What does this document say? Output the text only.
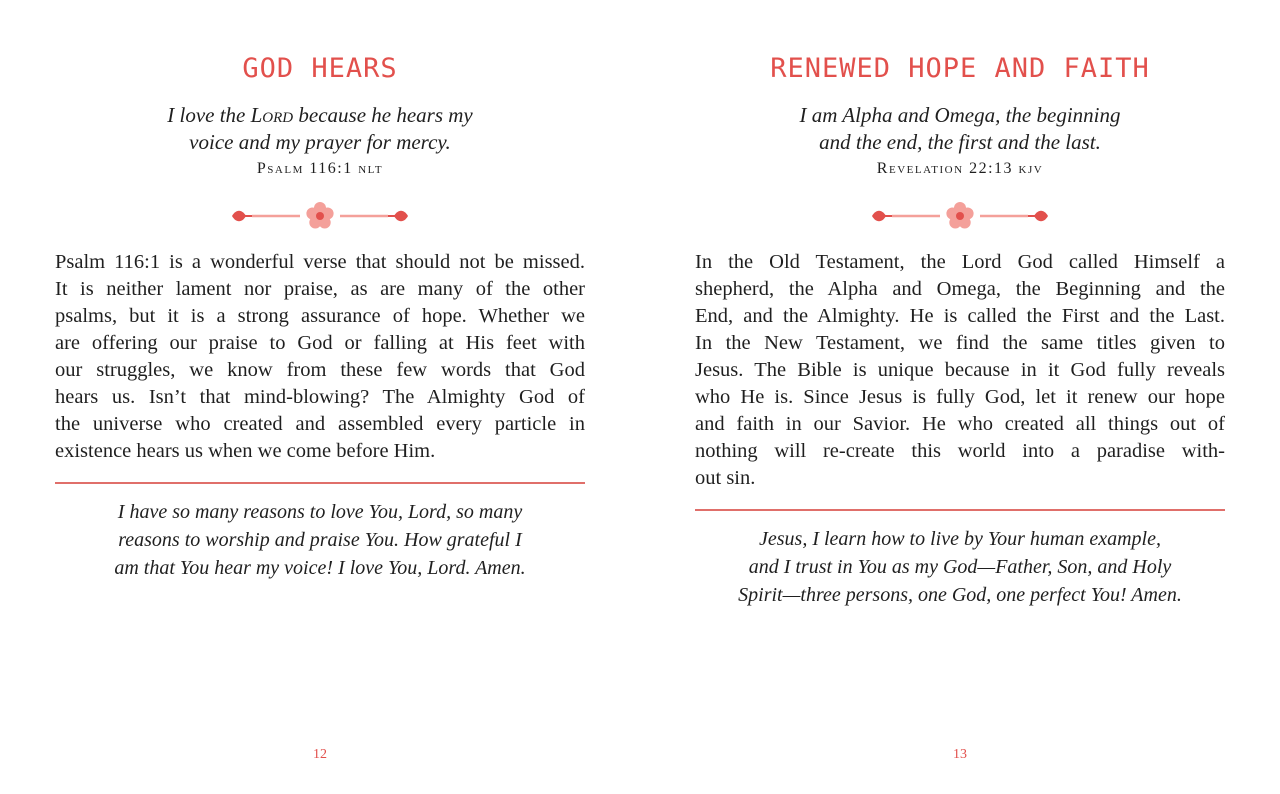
GOD HEARS
I love the Lord because he hears my
voice and my prayer for mercy.
Psalm 116:1 nlt
Psalm 116:1 is a wonderful verse that should not be missed.
It is neither lament nor praise, as are many of the other
psalms, but it is a strong assurance of hope. Whether we
are offering our praise to God or falling at His feet with
our struggles, we know from these few words that God
hears us. Isn’t that mind-blowing? The Almighty God of
the universe who created and assembled every particle in
existence hears us when we come before Him.
I have so many reasons to love You, Lord, so many
reasons to worship and praise You. How grateful I
am that You hear my voice! I love You, Lord. Amen.
12
RENEWED HOPE AND FAITH
I am Alpha and Omega, the beginning
and the end, the first and the last.
Revelation 22:13 kjv
In the Old Testament, the Lord God called Himself a
shepherd, the Alpha and Omega, the Beginning and the
End, and the Almighty. He is called the First and the Last.
In the New Testament, we find the same titles given to
Jesus. The Bible is unique because in it God fully reveals
who He is. Since Jesus is fully God, let it renew our hope
and faith in our Savior. He who created all things out of
nothing will re-create this world into a paradise with-
out sin.
Jesus, I learn how to live by Your human example,
and I trust in You as my God—Father, Son, and Holy
Spirit—three persons, one God, one perfect You! Amen.
13
